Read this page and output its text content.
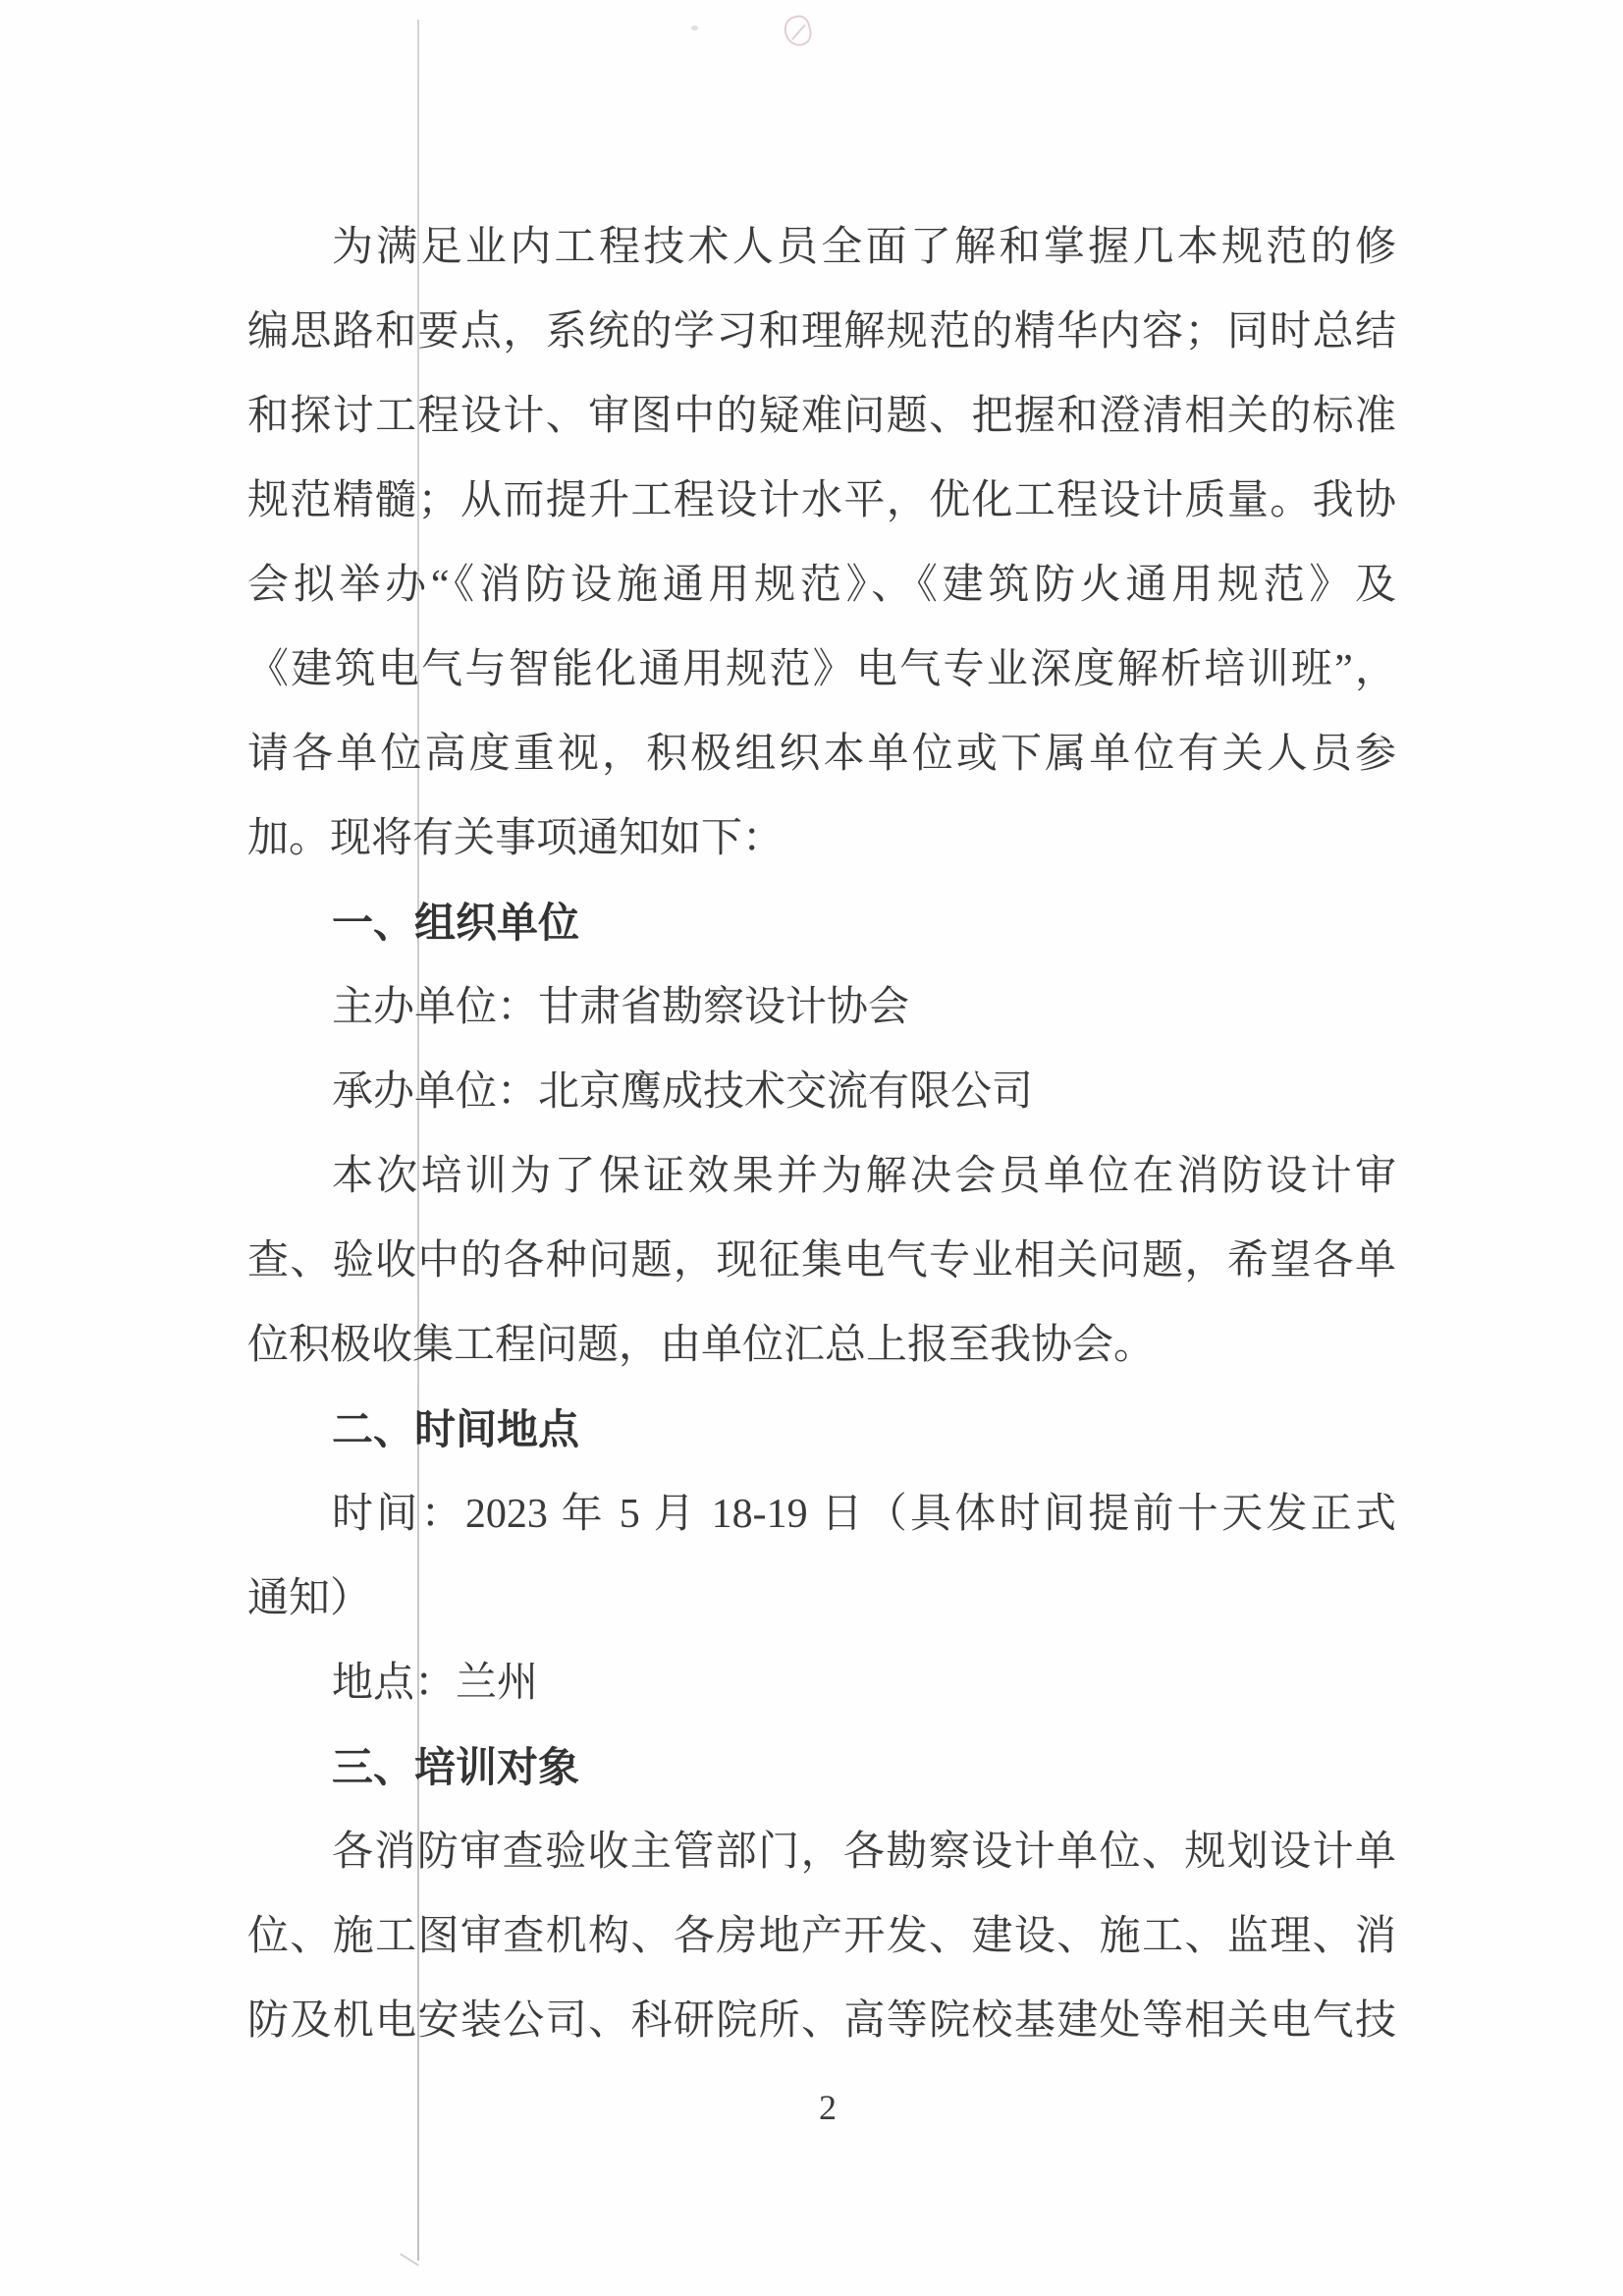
为满足业内工程技术人员全面了解和掌握几本规范的修
编思路和要点，系统的学习和理解规范的精华内容；同时总结
和探讨工程设计、审图中的疑难问题、把握和澄清相关的标准
规范精髓；从而提升工程设计水平，优化工程设计质量。我协
会拟举办“《消防设施通用规范》、《建筑防火通用规范》及
《建筑电气与智能化通用规范》电气专业深度解析培训班”，
请各单位高度重视，积极组织本单位或下属单位有关人员参
加。现将有关事项通知如下：
一、组织单位
主办单位：甘肃省勘察设计协会
承办单位：北京鹰成技术交流有限公司
本次培训为了保证效果并为解决会员单位在消防设计审
查、验收中的各种问题，现征集电气专业相关问题，希望各单
位积极收集工程问题，由单位汇总上报至我协会。
二、时间地点
时间：2023 年 5 月 18-19 日（具体时间提前十天发正式
通知）
地点：兰州
三、培训对象
各消防审查验收主管部门，各勘察设计单位、规划设计单
位、施工图审查机构、各房地产开发、建设、施工、监理、消
防及机电安装公司、科研院所、高等院校基建处等相关电气技
2
